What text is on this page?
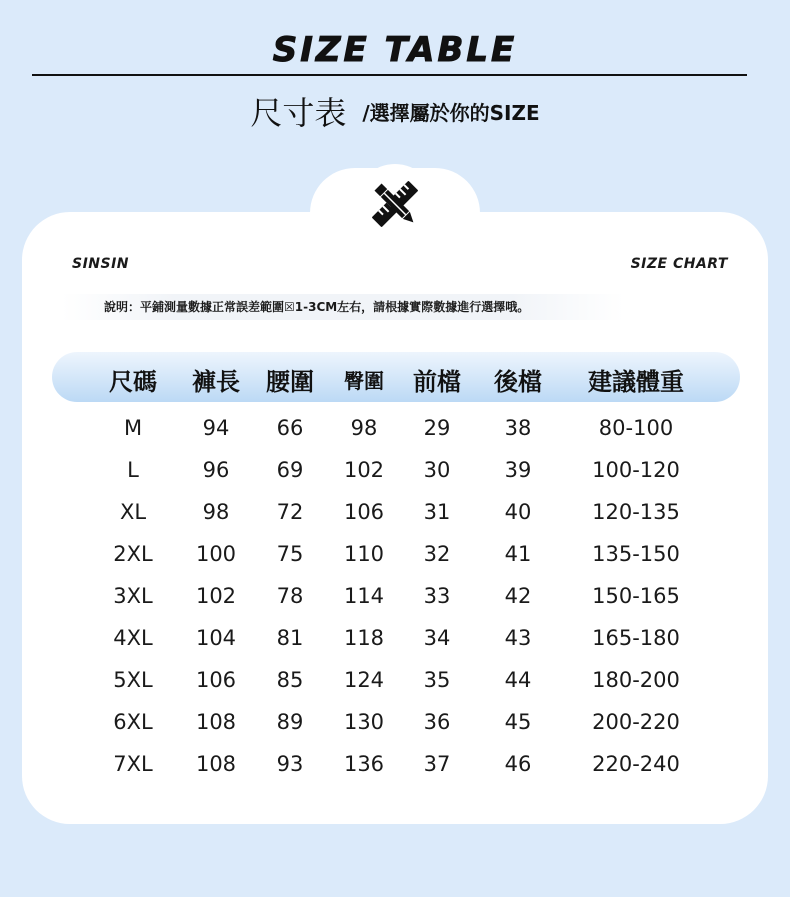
SIZE TABLE
尺寸表 /選擇屬於你的SIZE
SINSIN	SIZE CHART
說明：平鋪測量數據正常誤差範圍☒1-3CM左右，請根據實際數據進行選擇哦。
尺碼 褲長 腰圍 臀圍 前檔 後檔 建議體重
M	94 66 98 29	38	80-100
L	96 69 102 30	39	100-120
XL	98 72 106 31	40	120-135
2XL 100 75 110 32	41	135-150
3XL 102 78 114 33	42	150-165
4XL 104 81 118 34	43	165-180
5XL 106 85 124 35	44	180-200
6XL 108 89 130 36	45	200-220
7XL 108 93 136 37	46	220-240
